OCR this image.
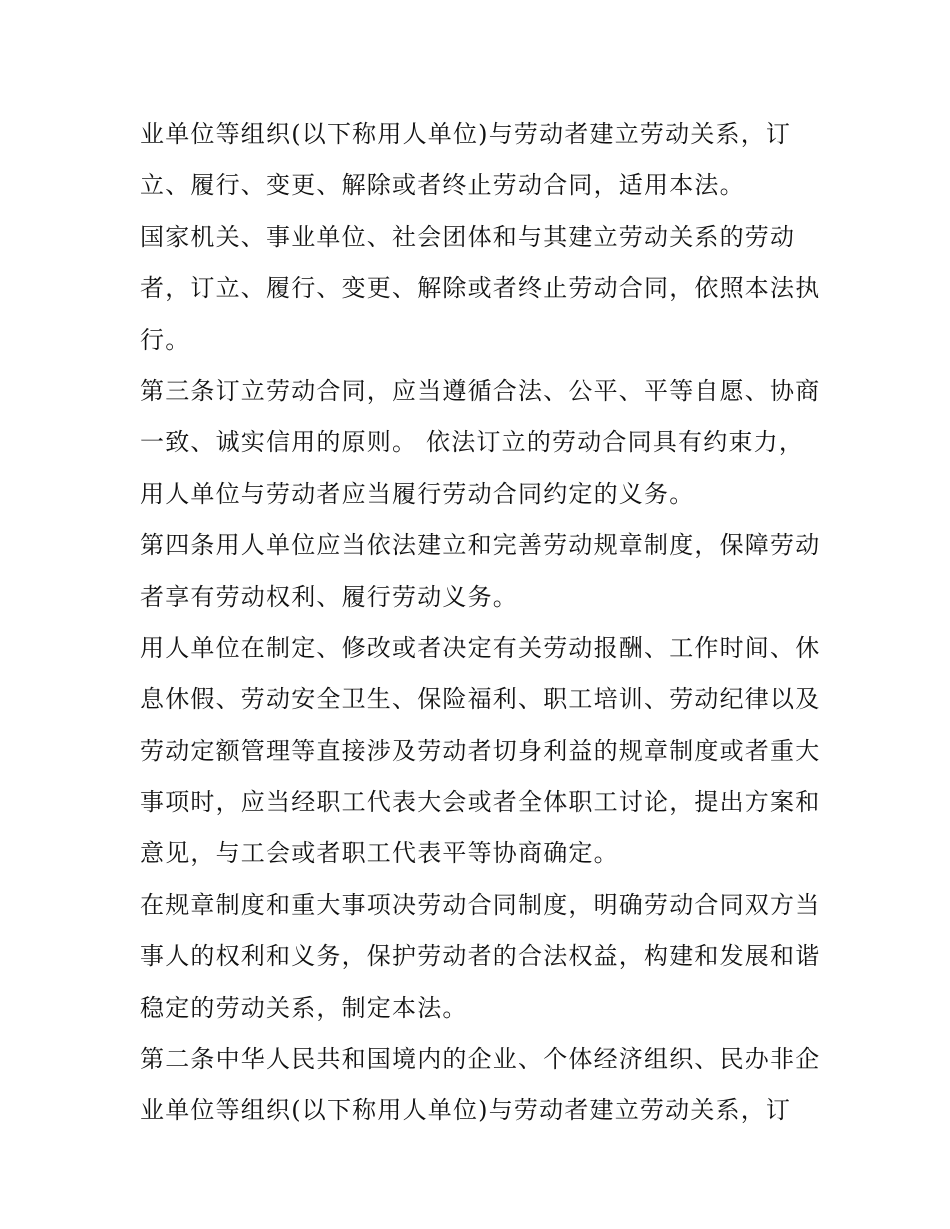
业单位等组织(以下称用人单位)与劳动者建立劳动关系，订
立、履行、变更、解除或者终止劳动合同，适用本法。
国家机关、事业单位、社会团体和与其建立劳动关系的劳动
者，订立、履行、变更、解除或者终止劳动合同，依照本法执
行。
第三条订立劳动合同，应当遵循合法、公平、平等自愿、协商
一致、诚实信用的原则。 依法订立的劳动合同具有约束力，
用人单位与劳动者应当履行劳动合同约定的义务。
第四条用人单位应当依法建立和完善劳动规章制度，保障劳动
者享有劳动权利、履行劳动义务。
用人单位在制定、修改或者决定有关劳动报酬、工作时间、休
息休假、劳动安全卫生、保险福利、职工培训、劳动纪律以及
劳动定额管理等直接涉及劳动者切身利益的规章制度或者重大
事项时，应当经职工代表大会或者全体职工讨论，提出方案和
意见，与工会或者职工代表平等协商确定。
在规章制度和重大事项决劳动合同制度，明确劳动合同双方当
事人的权利和义务，保护劳动者的合法权益，构建和发展和谐
稳定的劳动关系，制定本法。
第二条中华人民共和国境内的企业、个体经济组织、民办非企
业单位等组织(以下称用人单位)与劳动者建立劳动关系，订
